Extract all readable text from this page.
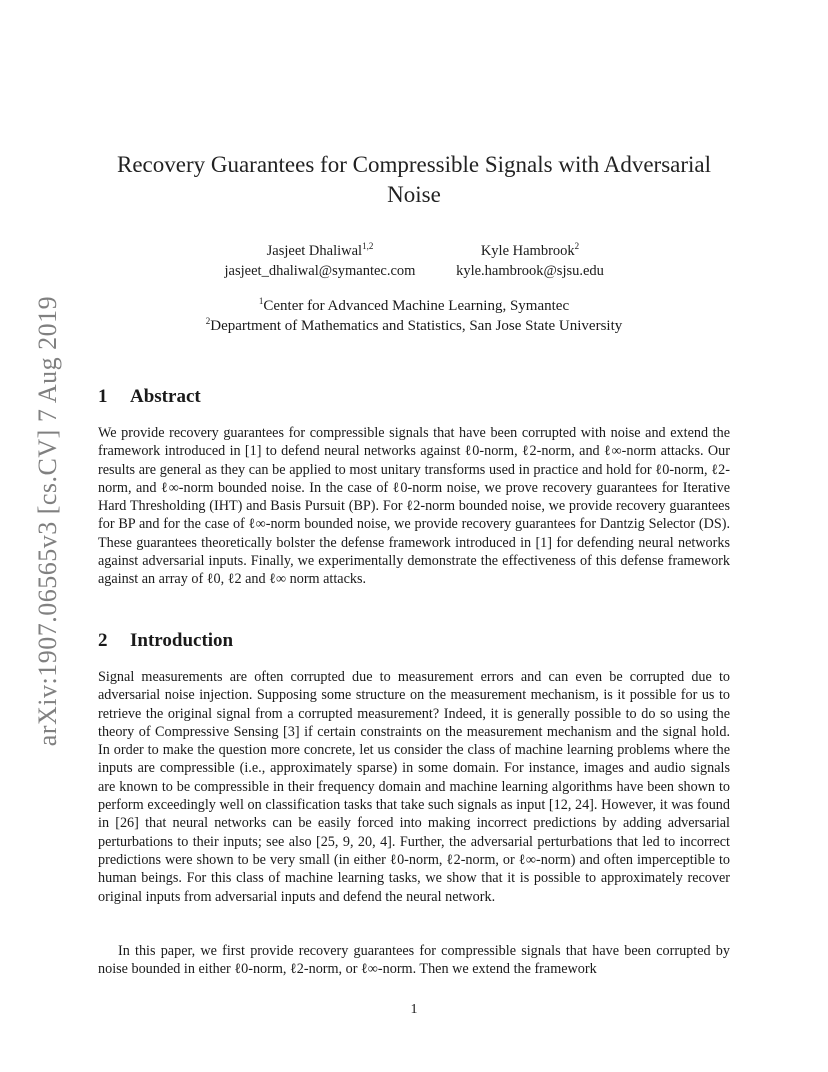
arXiv:1907.06565v3 [cs.CV] 7 Aug 2019
Recovery Guarantees for Compressible Signals with Adversarial
Noise
Jasjeet Dhaliwal$^{1,2}$
jasjeet_dhaliwal@symantec.com
Kyle Hambrook$^2$
kyle.hambrook@sjsu.edu
$^1$Center for Advanced Machine Learning, Symantec
$^2$Department of Mathematics and Statistics, San Jose State University
1 Abstract
We provide recovery guarantees for compressible signals that have been corrupted with noise and extend the framework introduced in [1] to defend neural networks against ℓ0-norm, ℓ2-norm, and ℓ∞-norm attacks. Our results are general as they can be applied to most unitary transforms used in practice and hold for ℓ0-norm, ℓ2-norm, and ℓ∞-norm bounded noise. In the case of ℓ0-norm noise, we prove recovery guarantees for Iterative Hard Thresholding (IHT) and Basis Pursuit (BP). For ℓ2-norm bounded noise, we provide recovery guarantees for BP and for the case of ℓ∞-norm bounded noise, we provide recovery guarantees for Dantzig Selector (DS). These guarantees theoretically bolster the defense framework introduced in [1] for defending neural networks against adversarial inputs. Finally, we experimentally demonstrate the effectiveness of this defense framework against an array of ℓ0, ℓ2 and ℓ∞ norm attacks.
2 Introduction
Signal measurements are often corrupted due to measurement errors and can even be corrupted due to adversarial noise injection. Supposing some structure on the measurement mechanism, is it possible for us to retrieve the original signal from a corrupted measurement? Indeed, it is generally possible to do so using the theory of Compressive Sensing [3] if certain constraints on the measurement mechanism and the signal hold. In order to make the question more concrete, let us consider the class of machine learning problems where the inputs are compressible (i.e., approximately sparse) in some domain. For instance, images and audio signals are known to be compressible in their frequency domain and machine learning algorithms have been shown to perform exceedingly well on classification tasks that take such signals as input [12, 24]. However, it was found in [26] that neural networks can be easily forced into making incorrect predictions by adding adversarial perturbations to their inputs; see also [25, 9, 20, 4]. Further, the adversarial perturbations that led to incorrect predictions were shown to be very small (in either ℓ0-norm, ℓ2-norm, or ℓ∞-norm) and often imperceptible to human beings. For this class of machine learning tasks, we show that it is possible to approximately recover original inputs from adversarial inputs and defend the neural network.
In this paper, we first provide recovery guarantees for compressible signals that have been corrupted by noise bounded in either ℓ0-norm, ℓ2-norm, or ℓ∞-norm. Then we extend the framework
1
